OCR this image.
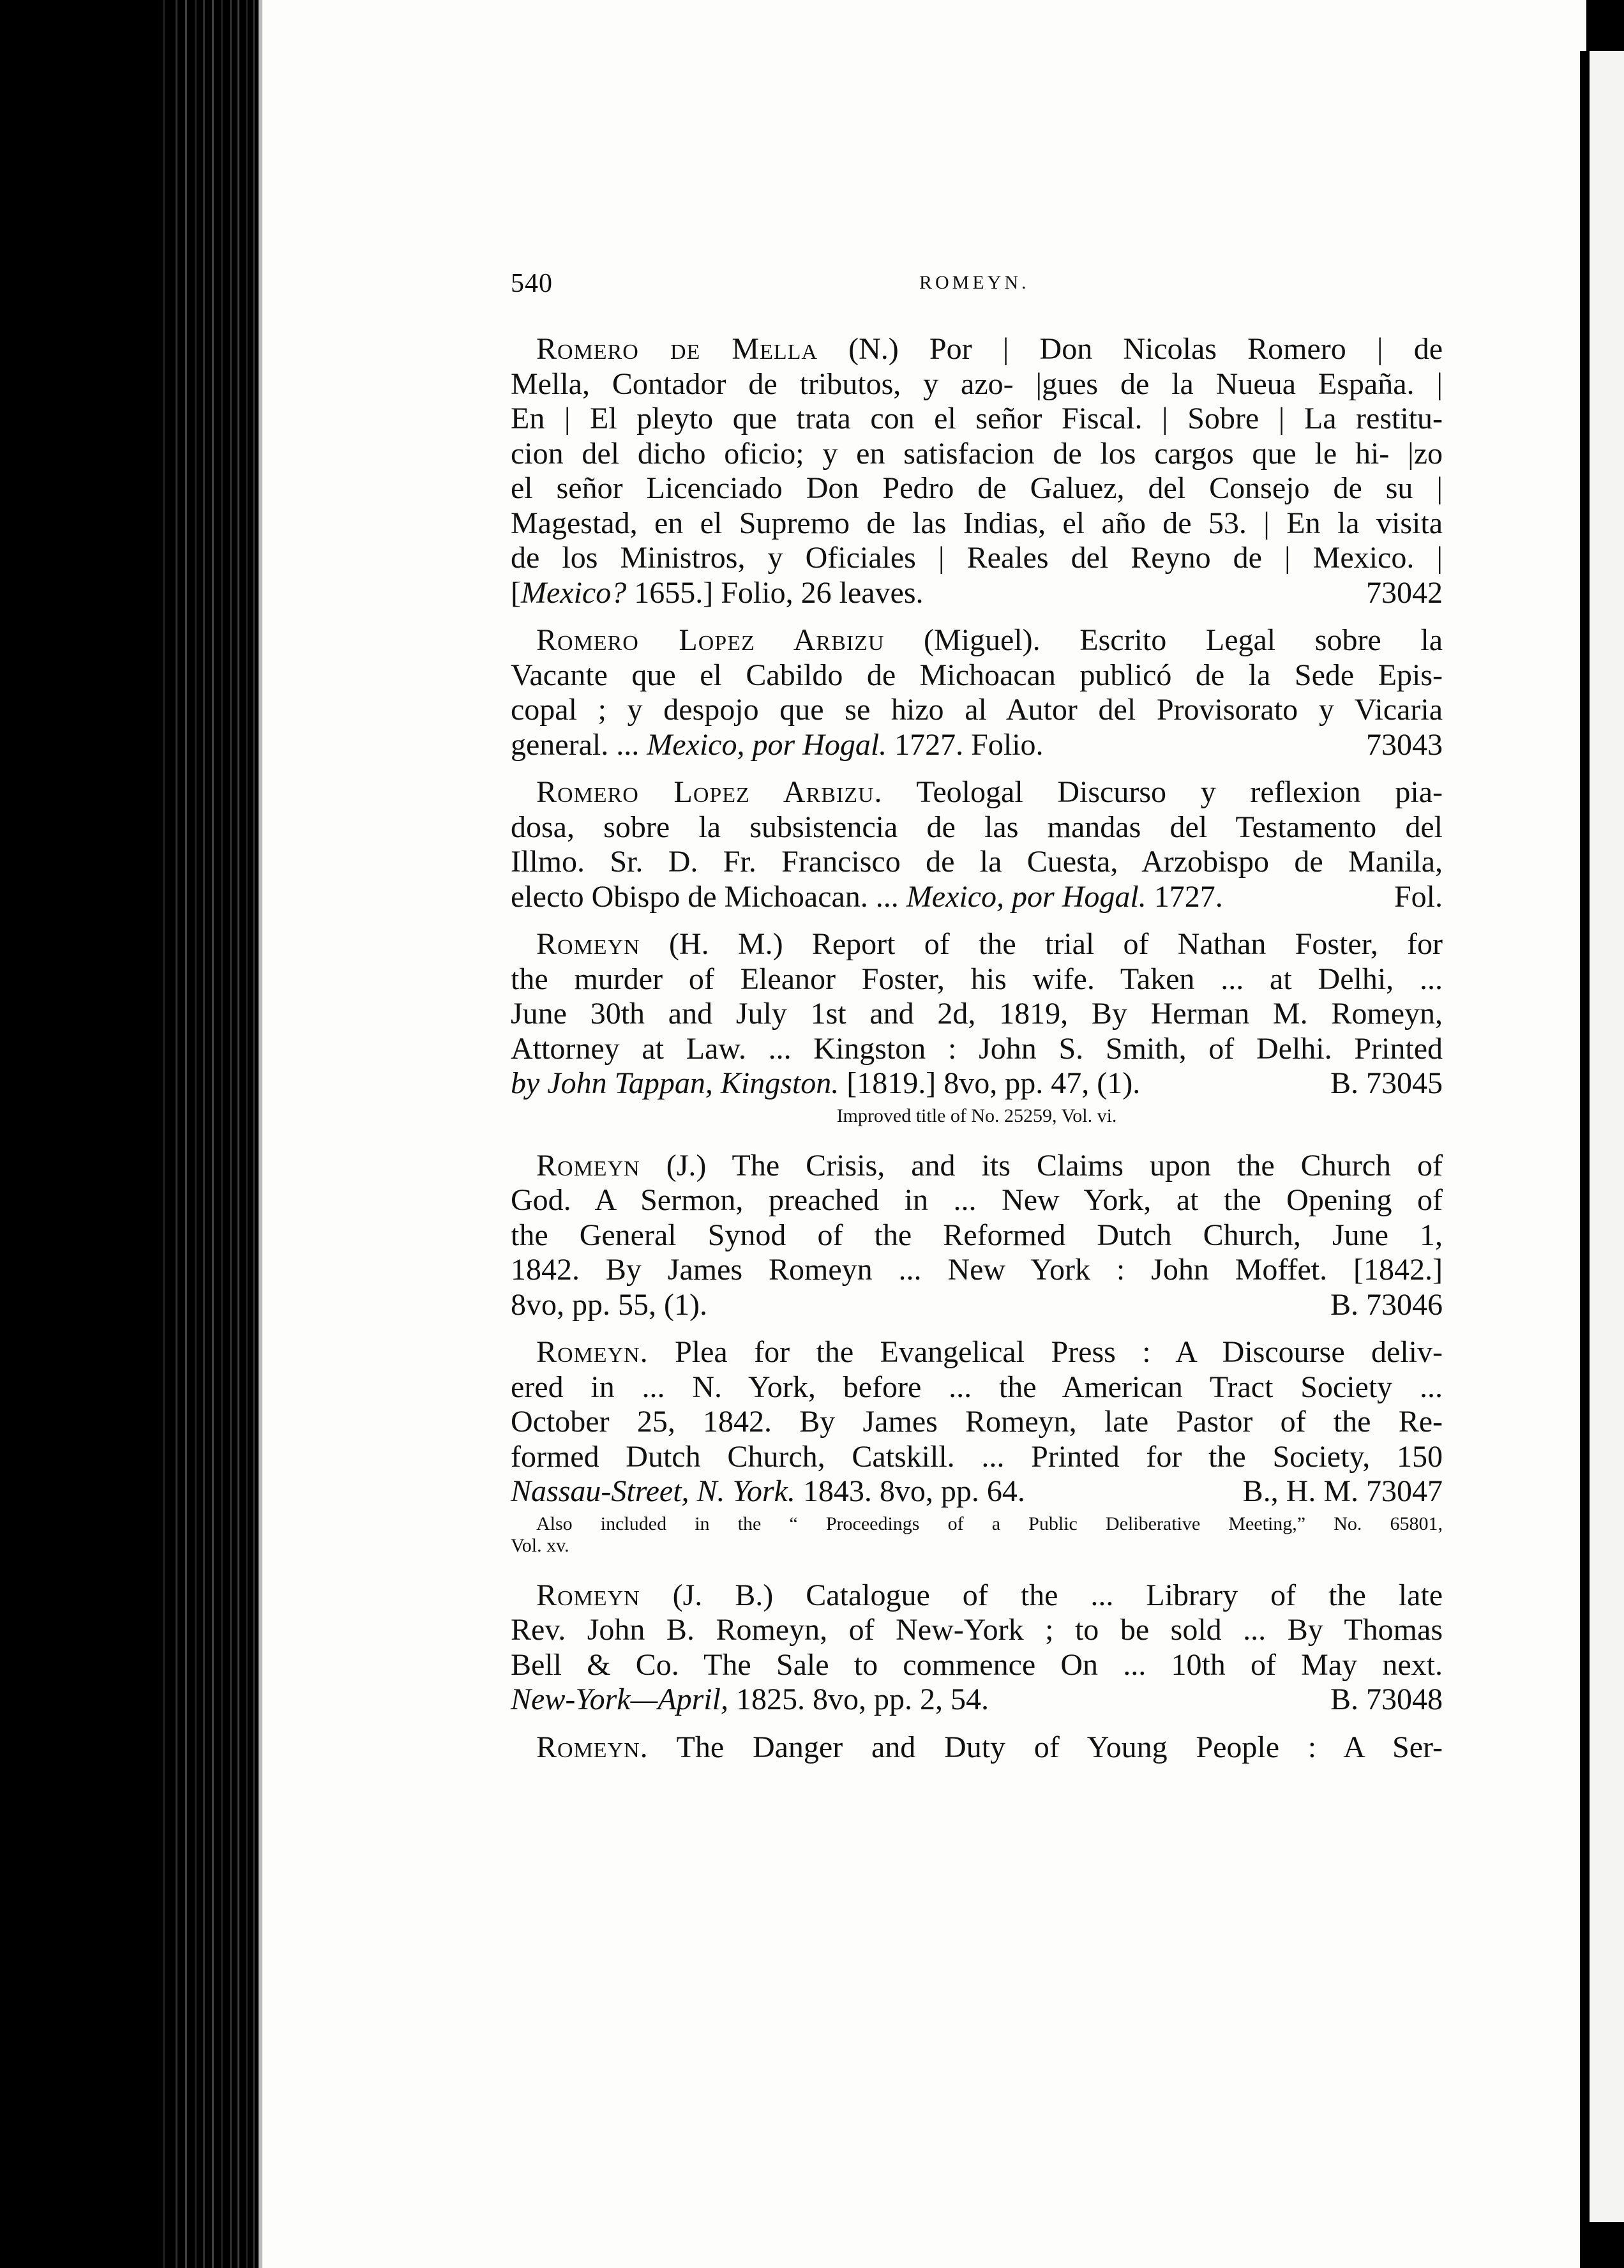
540	ROMEYN.
Romero de Mella (N.) Por | Don Nicolas Romero | de
Mella, Contador de tributos, y azo- |gues de la Nueua España. |
En | El pleyto que trata con el señor Fiscal. | Sobre | La restitu-
cion del dicho oficio; y en satisfacion de los cargos que le hi- |zo
el señor Licenciado Don Pedro de Galuez, del Consejo de su |
Magestad, en el Supremo de las Indias, el año de 53. | En la visita
de los Ministros, y Oficiales | Reales del Reyno de | Mexico. |
[Mexico? 1655.] Folio, 26 leaves.	73042
Romero Lopez Arbizu (Miguel). Escrito Legal sobre la
Vacante que el Cabildo de Michoacan publicó de la Sede Epis-
copal ; y despojo que se hizo al Autor del Provisorato y Vicaria
general. ... Mexico, por Hogal. 1727. Folio.	73043
Romero Lopez Arbizu. Teologal Discurso y reflexion pia-
dosa, sobre la subsistencia de las mandas del Testamento del
Illmo. Sr. D. Fr. Francisco de la Cuesta, Arzobispo de Manila,
electo Obispo de Michoacan. ... Mexico, por Hogal. 1727.	Fol.
Romeyn (H. M.) Report of the trial of Nathan Foster, for
the murder of Eleanor Foster, his wife. Taken ... at Delhi, ...
June 30th and July 1st and 2d, 1819, By Herman M. Romeyn,
Attorney at Law. ... Kingston : John S. Smith, of Delhi. Printed
by John Tappan, Kingston. [1819.] 8vo, pp. 47, (1).	B. 73045
Improved title of No. 25259, Vol. vi.
Romeyn (J.) The Crisis, and its Claims upon the Church of
God. A Sermon, preached in ... New York, at the Opening of
the General Synod of the Reformed Dutch Church, June 1,
1842. By James Romeyn ... New York : John Moffet. [1842.]
8vo, pp. 55, (1).	B. 73046
Romeyn. Plea for the Evangelical Press : A Discourse deliv-
ered in ... N. York, before ... the American Tract Society ...
October 25, 1842. By James Romeyn, late Pastor of the Re-
formed Dutch Church, Catskill. ... Printed for the Society, 150
Nassau-Street, N. York. 1843. 8vo, pp. 64.	B., H. M. 73047
Also included in the “ Proceedings of a Public Deliberative Meeting,” No. 65801,
Vol. xv.
Romeyn (J. B.) Catalogue of the ... Library of the late
Rev. John B. Romeyn, of New-York ; to be sold ... By Thomas
Bell & Co. The Sale to commence On ... 10th of May next.
New-York—April, 1825. 8vo, pp. 2, 54.	B. 73048
Romeyn. The Danger and Duty of Young People : A Ser-
